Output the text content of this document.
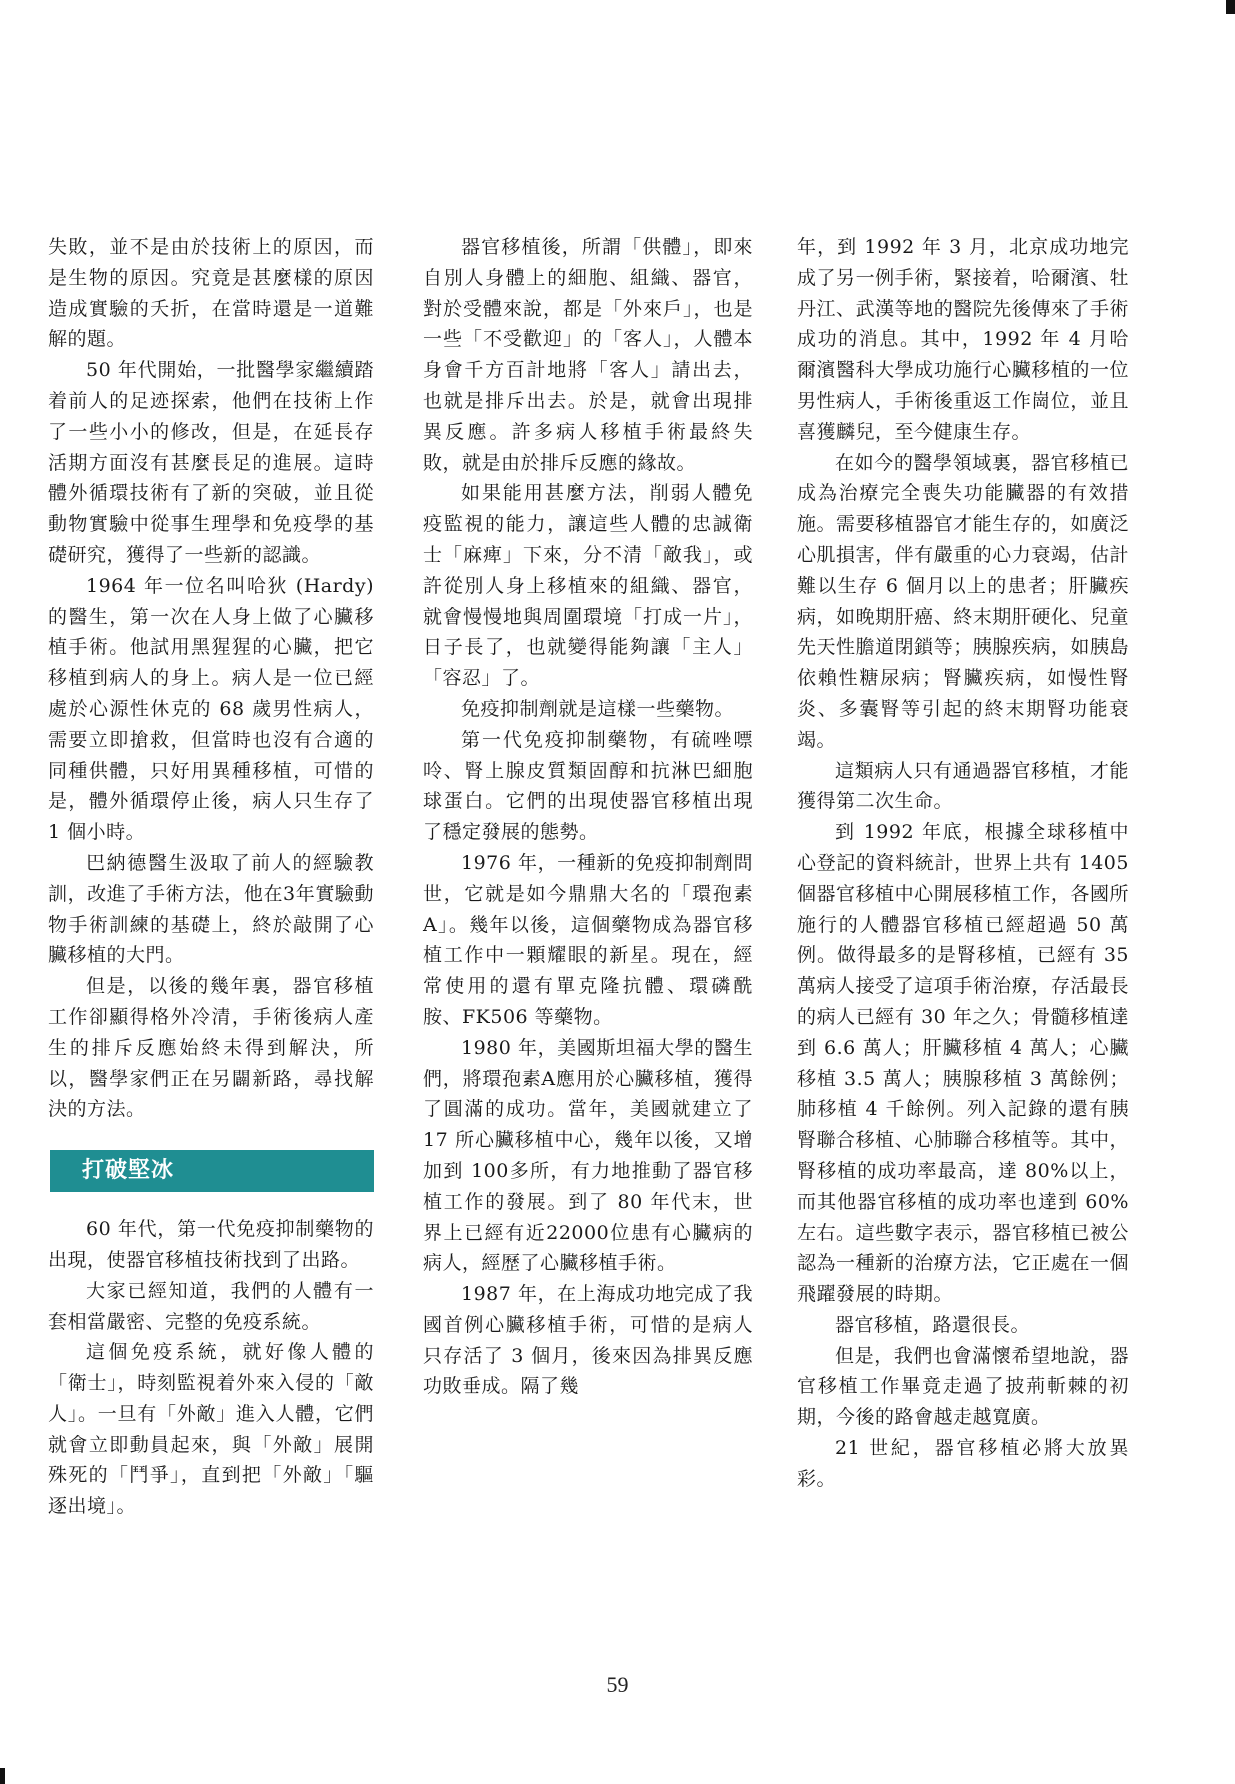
失敗，並不是由於技術上的原因，而是生物的原因。究竟是甚麼樣的原因造成實驗的夭折，在當時還是一道難解的題。

50 年代開始，一批醫學家繼續踏着前人的足迹探索，他們在技術上作了一些小小的修改，但是，在延長存活期方面沒有甚麼長足的進展。這時體外循環技術有了新的突破，並且從動物實驗中從事生理學和免疫學的基礎研究，獲得了一些新的認識。

1964 年一位名叫哈狄 (Hardy) 的醫生，第一次在人身上做了心臟移植手術。他試用黑猩猩的心臟，把它移植到病人的身上。病人是一位已經處於心源性休克的 68 歲男性病人，需要立即搶救，但當時也沒有合適的同種供體，只好用異種移植，可惜的是，體外循環停止後，病人只生存了 1 個小時。

巴納德醫生汲取了前人的經驗教訓，改進了手術方法，他在3年實驗動物手術訓練的基礎上，終於敲開了心臟移植的大門。

但是，以後的幾年裏，器官移植工作卻顯得格外冷清，手術後病人產生的排斥反應始終未得到解決，所以，醫學家們正在另闢新路，尋找解決的方法。

打破堅冰

60 年代，第一代免疫抑制藥物的出現，使器官移植技術找到了出路。

大家已經知道，我們的人體有一套相當嚴密、完整的免疫系統。

這個免疫系統，就好像人體的「衛士」，時刻監視着外來入侵的「敵人」。一旦有「外敵」進入人體，它們就會立即動員起來，與「外敵」展開殊死的「鬥爭」，直到把「外敵」「驅逐出境」。

器官移植後，所謂「供體」，即來自別人身體上的細胞、組織、器官，對於受體來說，都是「外來戶」，也是一些「不受歡迎」的「客人」，人體本身會千方百計地將「客人」請出去，也就是排斥出去。於是，就會出現排異反應。許多病人移植手術最終失敗，就是由於排斥反應的緣故。

如果能用甚麼方法，削弱人體免疫監視的能力，讓這些人體的忠誠衛士「麻痺」下來，分不清「敵我」，或許從別人身上移植來的組織、器官，就會慢慢地與周圍環境「打成一片」，日子長了，也就變得能夠讓「主人」「容忍」了。

免疫抑制劑就是這樣一些藥物。

第一代免疫抑制藥物，有硫唑嘌呤、腎上腺皮質類固醇和抗淋巴細胞球蛋白。它們的出現使器官移植出現了穩定發展的態勢。

1976 年，一種新的免疫抑制劑問世，它就是如今鼎鼎大名的「環孢素 A」。幾年以後，這個藥物成為器官移植工作中一顆耀眼的新星。現在，經常使用的還有單克隆抗體、環磷酰胺、FK506 等藥物。

1980 年，美國斯坦福大學的醫生們，將環孢素A應用於心臟移植，獲得了圓滿的成功。當年，美國就建立了 17 所心臟移植中心，幾年以後，又增加到 100多所，有力地推動了器官移植工作的發展。到了 80 年代末，世界上已經有近22000位患有心臟病的病人，經歷了心臟移植手術。

1987 年，在上海成功地完成了我國首例心臟移植手術，可惜的是病人只存活了 3 個月，後來因為排異反應功敗垂成。隔了幾

年，到 1992 年 3 月，北京成功地完成了另一例手術，緊接着，哈爾濱、牡丹江、武漢等地的醫院先後傳來了手術成功的消息。其中，1992 年 4 月哈爾濱醫科大學成功施行心臟移植的一位男性病人，手術後重返工作崗位，並且喜獲麟兒，至今健康生存。

在如今的醫學領域裏，器官移植已成為治療完全喪失功能臟器的有效措施。需要移植器官才能生存的，如廣泛心肌損害，伴有嚴重的心力衰竭，估計難以生存 6 個月以上的患者；肝臟疾病，如晚期肝癌、終末期肝硬化、兒童先天性膽道閉鎖等；胰腺疾病，如胰島依賴性糖尿病；腎臟疾病，如慢性腎炎、多囊腎等引起的終末期腎功能衰竭。

這類病人只有通過器官移植，才能獲得第二次生命。

到 1992 年底，根據全球移植中心登記的資料統計，世界上共有 1405 個器官移植中心開展移植工作，各國所施行的人體器官移植已經超過 50 萬例。做得最多的是腎移植，已經有 35 萬病人接受了這項手術治療，存活最長的病人已經有 30 年之久；骨髓移植達到 6.6 萬人；肝臟移植 4 萬人；心臟移植 3.5 萬人；胰腺移植 3 萬餘例；肺移植 4 千餘例。列入記錄的還有胰腎聯合移植、心肺聯合移植等。其中，腎移植的成功率最高，達 80%以上，而其他器官移植的成功率也達到 60%左右。這些數字表示，器官移植已被公認為一種新的治療方法，它正處在一個飛躍發展的時期。

器官移植，路還很長。

但是，我們也會滿懷希望地說，器官移植工作畢竟走過了披荊斬棘的初期，今後的路會越走越寬廣。

21 世紀，器官移植必將大放異彩。

59
